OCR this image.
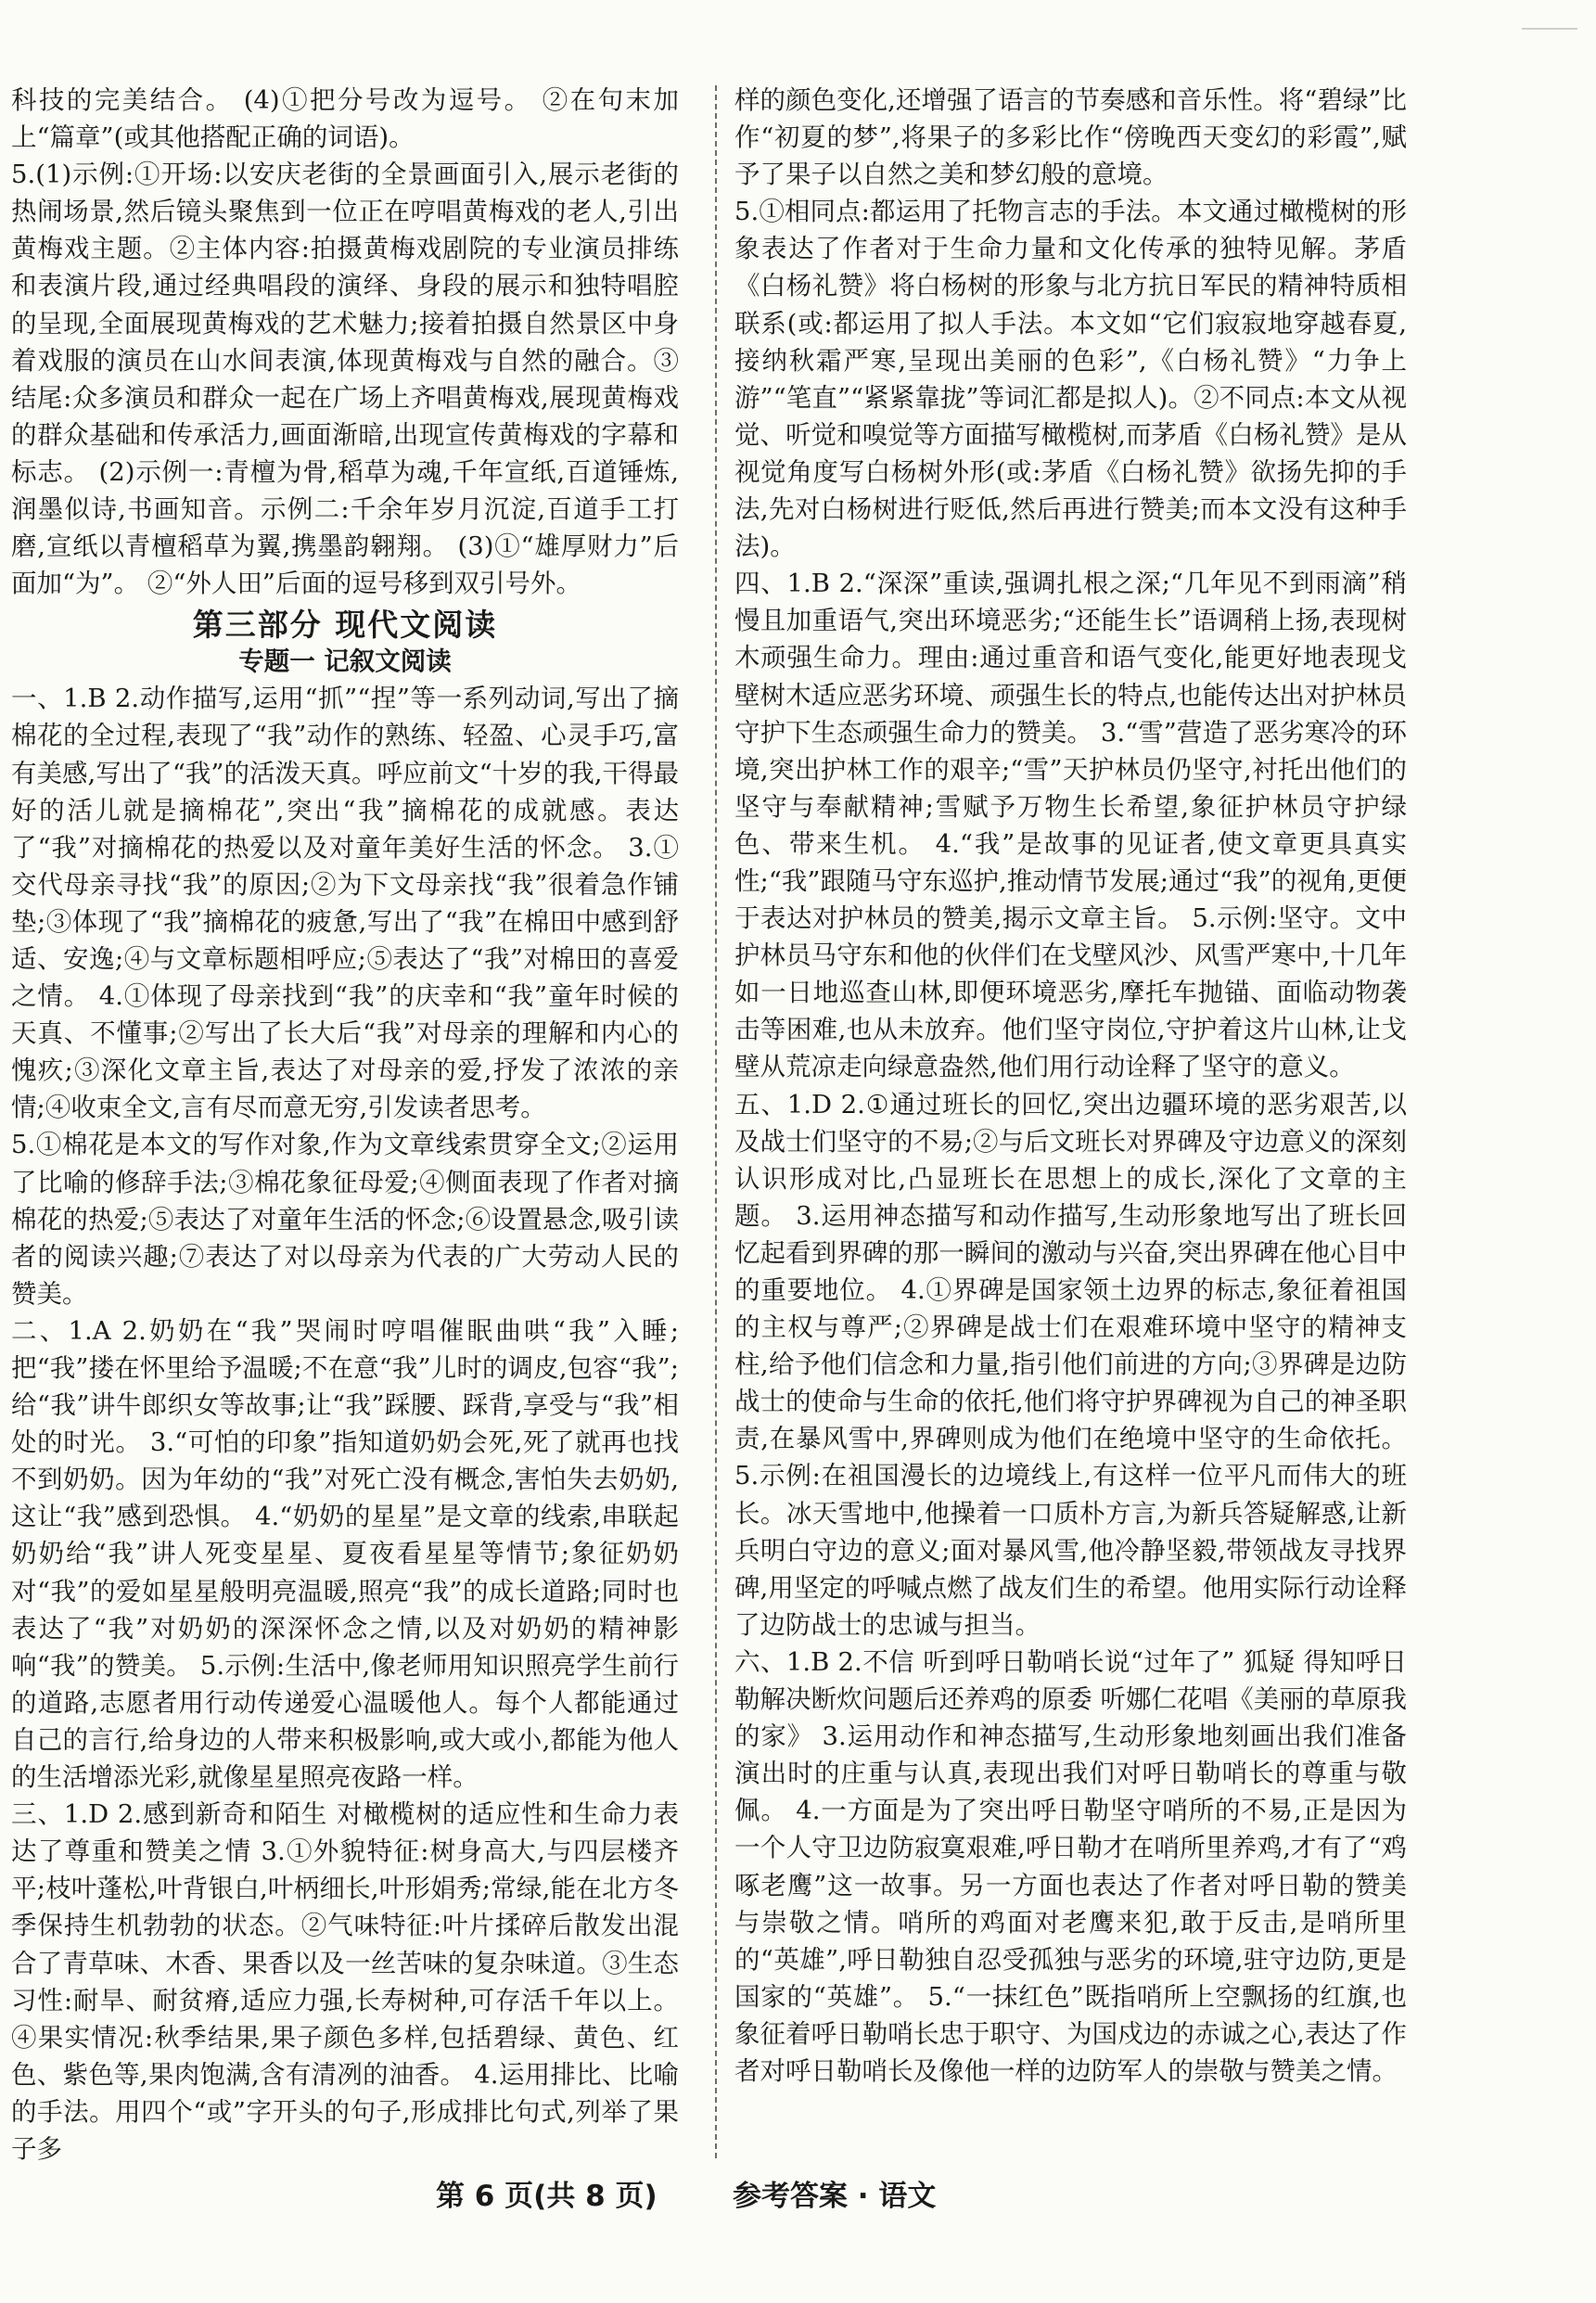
科技的完美结合。 (4)①把分号改为逗号。 ②在句末加上“篇章”(或其他搭配正确的词语)。

5.(1)示例:①开场:以安庆老街的全景画面引入,展示老街的热闹场景,然后镜头聚焦到一位正在哼唱黄梅戏的老人,引出黄梅戏主题。②主体内容:拍摄黄梅戏剧院的专业演员排练和表演片段,通过经典唱段的演绎、身段的展示和独特唱腔的呈现,全面展现黄梅戏的艺术魅力;接着拍摄自然景区中身着戏服的演员在山水间表演,体现黄梅戏与自然的融合。③结尾:众多演员和群众一起在广场上齐唱黄梅戏,展现黄梅戏的群众基础和传承活力,画面渐暗,出现宣传黄梅戏的字幕和标志。 (2)示例一:青檀为骨,稻草为魂,千年宣纸,百道锤炼,润墨似诗,书画知音。示例二:千余年岁月沉淀,百道手工打磨,宣纸以青檀稻草为翼,携墨韵翱翔。 (3)①“雄厚财力”后面加“为”。 ②“外人田”后面的逗号移到双引号外。

第三部分 现代文阅读
专题一 记叙文阅读

一、1.B 2.动作描写,运用“抓”“捏”等一系列动词,写出了摘棉花的全过程,表现了“我”动作的熟练、轻盈、心灵手巧,富有美感,写出了“我”的活泼天真。呼应前文“十岁的我,干得最好的活儿就是摘棉花”,突出“我”摘棉花的成就感。表达了“我”对摘棉花的热爱以及对童年美好生活的怀念。 3.①交代母亲寻找“我”的原因;②为下文母亲找“我”很着急作铺垫;③体现了“我”摘棉花的疲惫,写出了“我”在棉田中感到舒适、安逸;④与文章标题相呼应;⑤表达了“我”对棉田的喜爱之情。 4.①体现了母亲找到“我”的庆幸和“我”童年时候的天真、不懂事;②写出了长大后“我”对母亲的理解和内心的愧疚;③深化文章主旨,表达了对母亲的爱,抒发了浓浓的亲情;④收束全文,言有尽而意无穷,引发读者思考。

5.①棉花是本文的写作对象,作为文章线索贯穿全文;②运用了比喻的修辞手法;③棉花象征母爱;④侧面表现了作者对摘棉花的热爱;⑤表达了对童年生活的怀念;⑥设置悬念,吸引读者的阅读兴趣;⑦表达了对以母亲为代表的广大劳动人民的赞美。

二、1.A 2.奶奶在“我”哭闹时哼唱催眠曲哄“我”入睡;把“我”搂在怀里给予温暖;不在意“我”儿时的调皮,包容“我”;给“我”讲牛郎织女等故事;让“我”踩腰、踩背,享受与“我”相处的时光。 3.“可怕的印象”指知道奶奶会死,死了就再也找不到奶奶。因为年幼的“我”对死亡没有概念,害怕失去奶奶,这让“我”感到恐惧。 4.“奶奶的星星”是文章的线索,串联起奶奶给“我”讲人死变星星、夏夜看星星等情节;象征奶奶对“我”的爱如星星般明亮温暖,照亮“我”的成长道路;同时也表达了“我”对奶奶的深深怀念之情,以及对奶奶的精神影响“我”的赞美。 5.示例:生活中,像老师用知识照亮学生前行的道路,志愿者用行动传递爱心温暖他人。每个人都能通过自己的言行,给身边的人带来积极影响,或大或小,都能为他人的生活增添光彩,就像星星照亮夜路一样。

三、1.D 2.感到新奇和陌生 对橄榄树的适应性和生命力表达了尊重和赞美之情 3.①外貌特征:树身高大,与四层楼齐平;枝叶蓬松,叶背银白,叶柄细长,叶形娟秀;常绿,能在北方冬季保持生机勃勃的状态。②气味特征:叶片揉碎后散发出混合了青草味、木香、果香以及一丝苦味的复杂味道。③生态习性:耐旱、耐贫瘠,适应力强,长寿树种,可存活千年以上。④果实情况:秋季结果,果子颜色多样,包括碧绿、黄色、红色、紫色等,果肉饱满,含有清冽的油香。 4.运用排比、比喻的手法。用四个“或”字开头的句子,形成排比句式,列举了果子多

样的颜色变化,还增强了语言的节奏感和音乐性。将“碧绿”比作“初夏的梦”,将果子的多彩比作“傍晚西天变幻的彩霞”,赋予了果子以自然之美和梦幻般的意境。

5.①相同点:都运用了托物言志的手法。本文通过橄榄树的形象表达了作者对于生命力量和文化传承的独特见解。茅盾《白杨礼赞》将白杨树的形象与北方抗日军民的精神特质相联系(或:都运用了拟人手法。本文如“它们寂寂地穿越春夏,接纳秋霜严寒,呈现出美丽的色彩”,《白杨礼赞》“力争上游”“笔直”“紧紧靠拢”等词汇都是拟人)。②不同点:本文从视觉、听觉和嗅觉等方面描写橄榄树,而茅盾《白杨礼赞》是从视觉角度写白杨树外形(或:茅盾《白杨礼赞》欲扬先抑的手法,先对白杨树进行贬低,然后再进行赞美;而本文没有这种手法)。

四、1.B 2.“深深”重读,强调扎根之深;“几年见不到雨滴”稍慢且加重语气,突出环境恶劣;“还能生长”语调稍上扬,表现树木顽强生命力。理由:通过重音和语气变化,能更好地表现戈壁树木适应恶劣环境、顽强生长的特点,也能传达出对护林员守护下生态顽强生命力的赞美。 3.“雪”营造了恶劣寒冷的环境,突出护林工作的艰辛;“雪”天护林员仍坚守,衬托出他们的坚守与奉献精神;雪赋予万物生长希望,象征护林员守护绿色、带来生机。 4.“我”是故事的见证者,使文章更具真实性;“我”跟随马守东巡护,推动情节发展;通过“我”的视角,更便于表达对护林员的赞美,揭示文章主旨。 5.示例:坚守。文中护林员马守东和他的伙伴们在戈壁风沙、风雪严寒中,十几年如一日地巡查山林,即便环境恶劣,摩托车抛锚、面临动物袭击等困难,也从未放弃。他们坚守岗位,守护着这片山林,让戈壁从荒凉走向绿意盎然,他们用行动诠释了坚守的意义。

五、1.D 2.①通过班长的回忆,突出边疆环境的恶劣艰苦,以及战士们坚守的不易;②与后文班长对界碑及守边意义的深刻认识形成对比,凸显班长在思想上的成长,深化了文章的主题。 3.运用神态描写和动作描写,生动形象地写出了班长回忆起看到界碑的那一瞬间的激动与兴奋,突出界碑在他心目中的重要地位。 4.①界碑是国家领土边界的标志,象征着祖国的主权与尊严;②界碑是战士们在艰难环境中坚守的精神支柱,给予他们信念和力量,指引他们前进的方向;③界碑是边防战士的使命与生命的依托,他们将守护界碑视为自己的神圣职责,在暴风雪中,界碑则成为他们在绝境中坚守的生命依托。 5.示例:在祖国漫长的边境线上,有这样一位平凡而伟大的班长。冰天雪地中,他操着一口质朴方言,为新兵答疑解惑,让新兵明白守边的意义;面对暴风雪,他冷静坚毅,带领战友寻找界碑,用坚定的呼喊点燃了战友们生的希望。他用实际行动诠释了边防战士的忠诚与担当。

六、1.B 2.不信 听到呼日勒哨长说“过年了” 狐疑 得知呼日勒解决断炊问题后还养鸡的原委 听娜仁花唱《美丽的草原我的家》 3.运用动作和神态描写,生动形象地刻画出我们准备演出时的庄重与认真,表现出我们对呼日勒哨长的尊重与敬佩。 4.一方面是为了突出呼日勒坚守哨所的不易,正是因为一个人守卫边防寂寞艰难,呼日勒才在哨所里养鸡,才有了“鸡啄老鹰”这一故事。另一方面也表达了作者对呼日勒的赞美与崇敬之情。哨所的鸡面对老鹰来犯,敢于反击,是哨所里的“英雄”,呼日勒独自忍受孤独与恶劣的环境,驻守边防,更是国家的“英雄”。 5.“一抹红色”既指哨所上空飘扬的红旗,也象征着呼日勒哨长忠于职守、为国戍边的赤诚之心,表达了作者对呼日勒哨长及像他一样的边防军人的崇敬与赞美之情。

第 6 页(共 8 页)	参考答案 · 语文
